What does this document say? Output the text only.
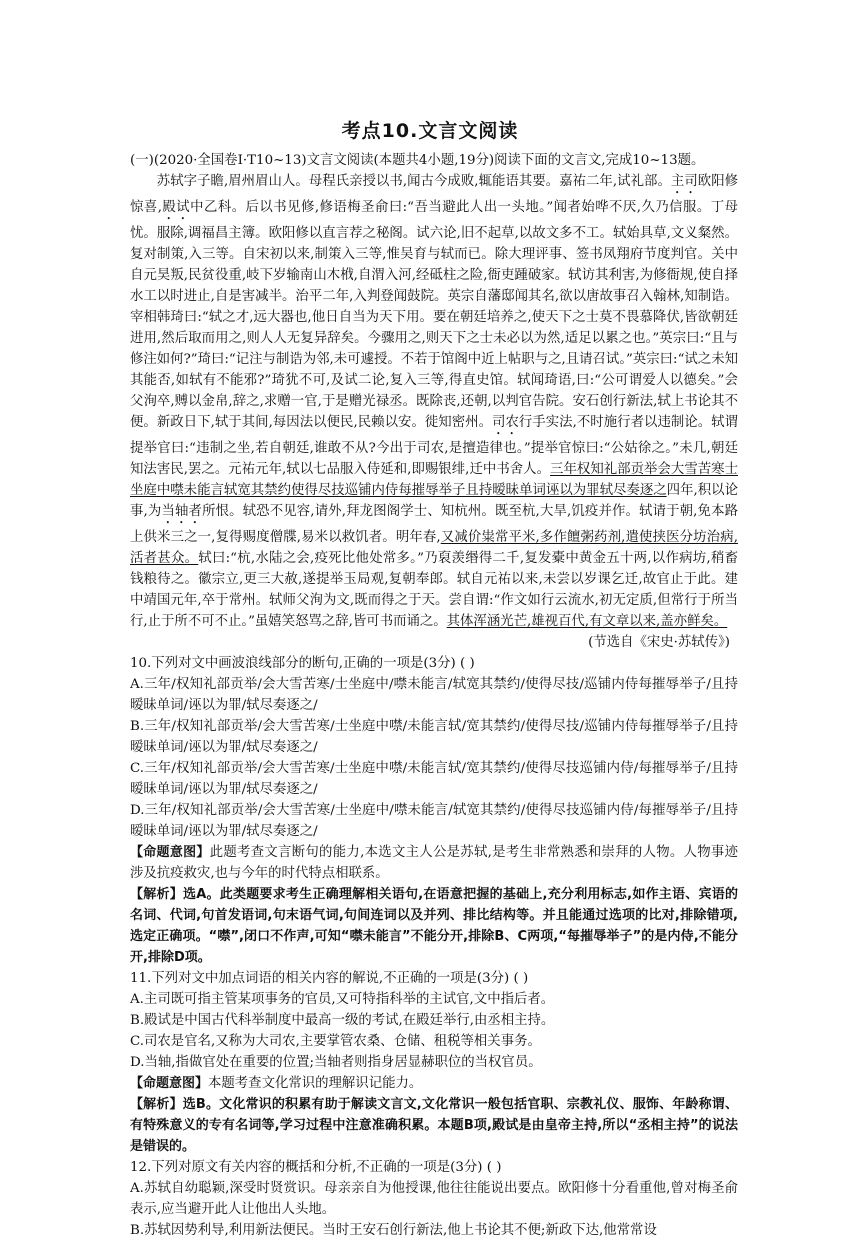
考点10.文言文阅读

(一)(2020·全国卷Ⅰ·T10~13)文言文阅读(本题共4小题,19分)阅读下面的文言文,完成10~13题。

苏轼字子瞻,眉州眉山人。母程氏亲授以书,闻古今成败,辄能语其要。嘉祐二年,试礼部。主司欧阳修惊喜,殿试中乙科。后以书见修,修语梅圣俞曰:“吾当避此人出一头地。”闻者始哗不厌,久乃信服。丁母忧。服除,调福昌主簿。欧阳修以直言荐之秘阁。试六论,旧不起草,以故文多不工。轼始具草,文义粲然。复对制策,入三等。自宋初以来,制策入三等,惟吴育与轼而已。除大理评事、签书凤翔府节度判官。关中自元昊叛,民贫役重,岐下岁输南山木栰,自渭入河,经砥柱之险,衙吏踵破家。轼访其利害,为修衙规,使自择水工以时进止,自是害减半。治平二年,入判登闻鼓院。英宗自藩邸闻其名,欲以唐故事召入翰林,知制诰。宰相韩琦曰:“轼之才,远大器也,他日自当为天下用。要在朝廷培养之,使天下之士莫不畏慕降伏,皆欲朝廷进用,然后取而用之,则人人无复异辞矣。今骤用之,则天下之士未必以为然,适足以累之也。”英宗曰:“且与修注如何?”琦曰:“记注与制诰为邻,未可遽授。不若于馆阁中近上帖职与之,且请召试。”英宗曰:“试之未知其能否,如轼有不能邪?”琦犹不可,及试二论,复入三等,得直史馆。轼闻琦语,曰:“公可谓爱人以德矣。”会父洵卒,赙以金帛,辞之,求赠一官,于是赠光禄丞。既除丧,还朝,以判官告院。安石创行新法,轼上书论其不便。新政日下,轼于其间,每因法以便民,民赖以安。徙知密州。司农行手实法,不时施行者以违制论。轼谓提举官曰:“违制之坐,若自朝廷,谁敢不从?今出于司农,是擅造律也。”提举官惊曰:“公姑徐之。”未几,朝廷知法害民,罢之。元祐元年,轼以七品服入侍延和,即赐银绯,迁中书舍人。三年权知礼部贡举会大雪苦寒士坐庭中噤未能言轼宽其禁约使得尽技巡铺内侍每摧辱举子且持暧昧单词诬以为罪轼尽奏逐之四年,积以论事,为当轴者所恨。轼恐不见容,请外,拜龙图阁学士、知杭州。既至杭,大旱,饥疫并作。轼请于朝,免本路上供米三之一,复得赐度僧牒,易米以救饥者。明年春,又减价粜常平米,多作饘粥药剂,遣使挟医分坊治病,活者甚众。轼曰:“杭,水陆之会,疫死比他处常多。”乃裒羡缗得二千,复发橐中黄金五十两,以作病坊,稍畜钱粮待之。徽宗立,更三大赦,遂提举玉局观,复朝奉郎。轼自元祐以来,未尝以岁课乞迁,故官止于此。建中靖国元年,卒于常州。轼师父洵为文,既而得之于天。尝自谓:“作文如行云流水,初无定质,但常行于所当行,止于所不可不止。”虽嬉笑怒骂之辞,皆可书而诵之。其体浑涵光芒,雄视百代,有文章以来,盖亦鲜矣。

(节选自《宋史·苏轼传》)

10.下列对文中画波浪线部分的断句,正确的一项是(3分) ( )

A.三年/权知礼部贡举/会大雪苦寒/士坐庭中/噤未能言/轼宽其禁约/使得尽技/巡铺内侍每摧辱举子/且持暧昧单词/诬以为罪/轼尽奏逐之/

B.三年/权知礼部贡举/会大雪苦寒/士坐庭中噤/未能言轼/宽其禁约/使得尽技/巡铺内侍每摧辱举子/且持暧昧单词/诬以为罪/轼尽奏逐之/

C.三年/权知礼部贡举/会大雪苦寒/士坐庭中噤/未能言轼/宽其禁约/使得尽技巡铺内侍/每摧辱举子/且持暧昧单词/诬以为罪/轼尽奏逐之/

D.三年/权知礼部贡举/会大雪苦寒/士坐庭中/噤未能言/轼宽其禁约/使得尽技巡铺内侍/每摧辱举子/且持暧昧单词/诬以为罪/轼尽奏逐之/

【命题意图】此题考查文言断句的能力,本选文主人公是苏轼,是考生非常熟悉和崇拜的人物。人物事迹涉及抗疫救灾,也与今年的时代特点相联系。

【解析】选A。此类题要求考生正确理解相关语句,在语意把握的基础上,充分利用标志,如作主语、宾语的名词、代词,句首发语词,句末语气词,句间连词以及并列、排比结构等。并且能通过选项的比对,排除错项,选定正确项。“噤”,闭口不作声,可知“噤未能言”不能分开,排除B、C两项,“每摧辱举子”的是内侍,不能分开,排除D项。

11.下列对文中加点词语的相关内容的解说,不正确的一项是(3分) ( )

A.主司既可指主管某项事务的官员,又可特指科举的主试官,文中指后者。

B.殿试是中国古代科举制度中最高一级的考试,在殿廷举行,由丞相主持。

C.司农是官名,又称为大司农,主要掌管农桑、仓储、租税等相关事务。

D.当轴,指做官处在重要的位置;当轴者则指身居显赫职位的当权官员。

【命题意图】本题考查文化常识的理解识记能力。

【解析】选B。文化常识的积累有助于解读文言文,文化常识一般包括官职、宗教礼仪、服饰、年龄称谓、有特殊意义的专有名词等,学习过程中注意准确积累。本题B项,殿试是由皇帝主持,所以“丞相主持”的说法是错误的。

12.下列对原文有关内容的概括和分析,不正确的一项是(3分) ( )

A.苏轼自幼聪颖,深受时贤赏识。母亲亲自为他授课,他往往能说出要点。欧阳修十分看重他,曾对梅圣俞表示,应当避开此人让他出人头地。

B.苏轼因势利导,利用新法便民。当时王安石创行新法,他上书论其不便;新政下达,他常常设
